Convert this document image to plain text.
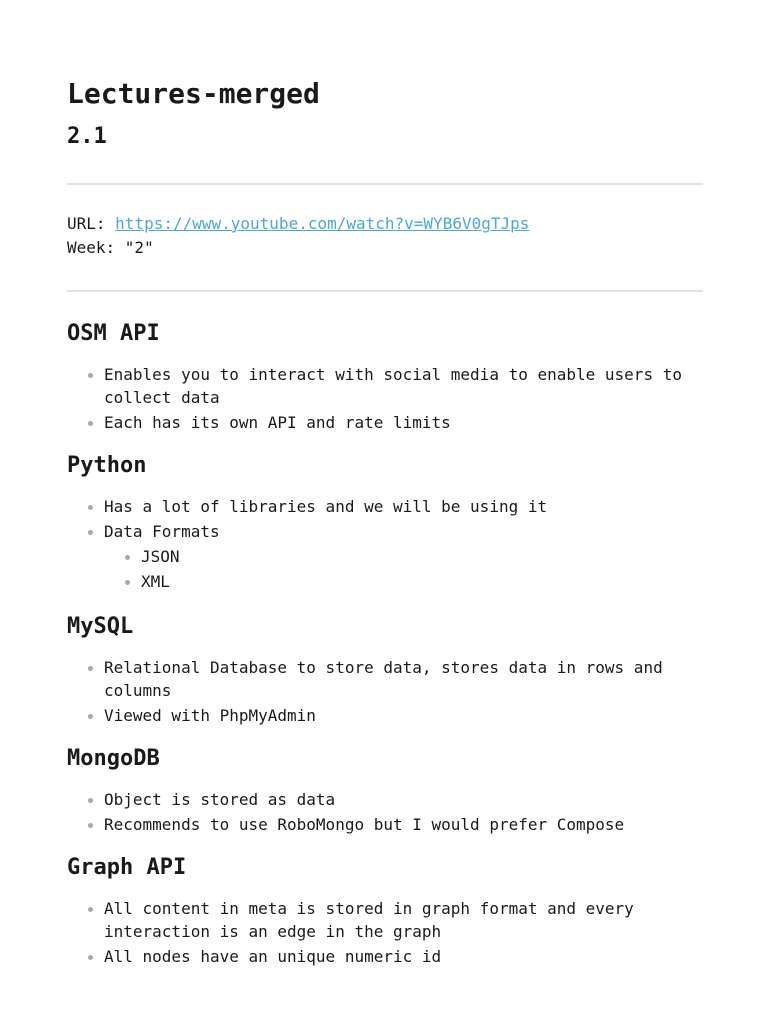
Lectures-merged
2.1
URL: https://www.youtube.com/watch?v=WYB6V0gTJps
Week: "2"
OSM API
Enables you to interact with social media to enable users to collect data
Each has its own API and rate limits
Python
Has a lot of libraries and we will be using it
Data Formats
JSON
XML
MySQL
Relational Database to store data, stores data in rows and columns
Viewed with PhpMyAdmin
MongoDB
Object is stored as data
Recommends to use RoboMongo but I would prefer Compose
Graph API
All content in meta is stored in graph format and every interaction is an edge in the graph
All nodes have an unique numeric id
